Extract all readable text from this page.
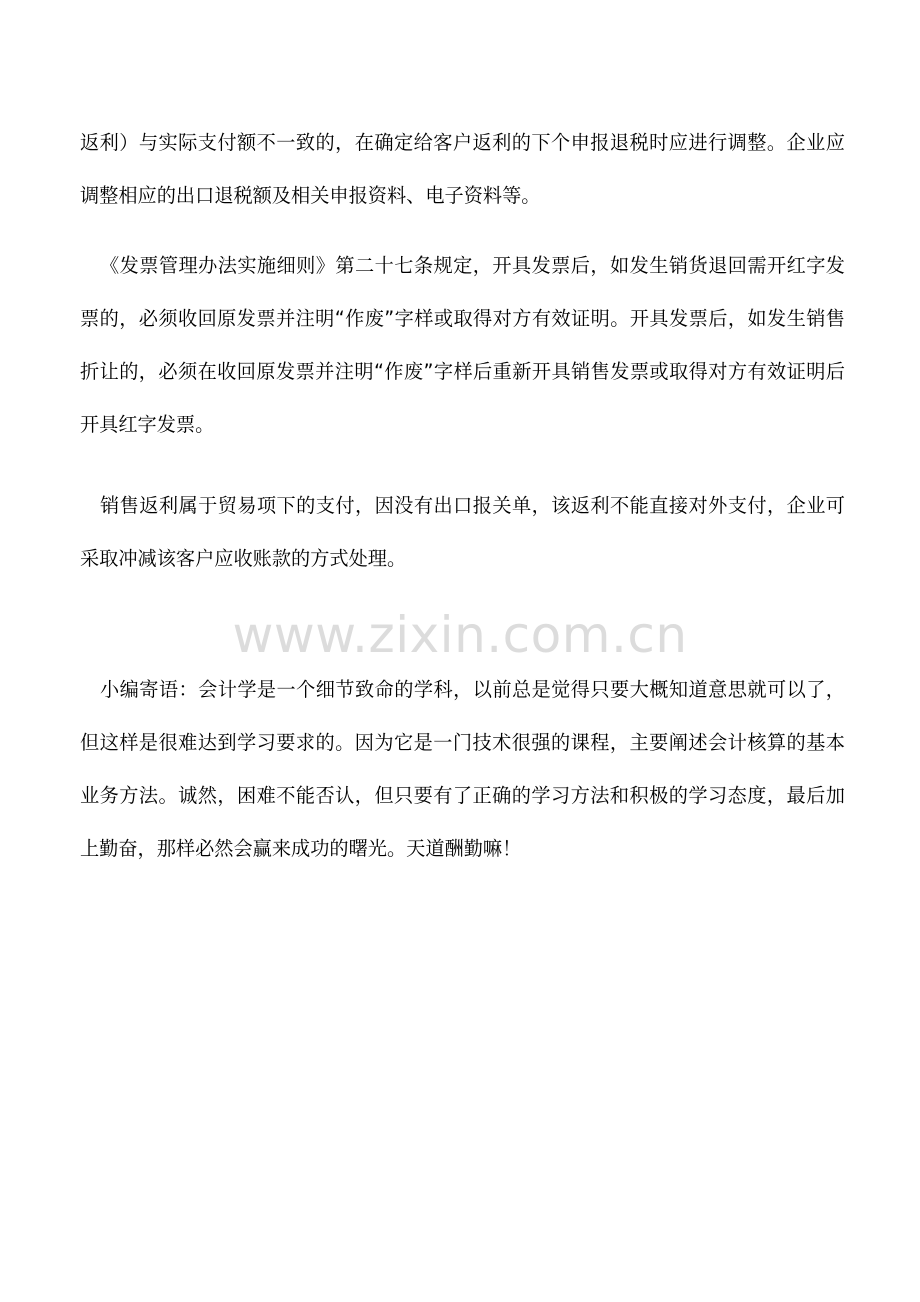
返利）与实际支付额不一致的，在确定给客户返利的下个申报退税时应进行调整。企业应调整相应的出口退税额及相关申报资料、电子资料等。

《发票管理办法实施细则》第二十七条规定，开具发票后，如发生销货退回需开红字发票的，必须收回原发票并注明“作废”字样或取得对方有效证明。开具发票后，如发生销售折让的，必须在收回原发票并注明“作废”字样后重新开具销售发票或取得对方有效证明后开具红字发票。

销售返利属于贸易项下的支付，因没有出口报关单，该返利不能直接对外支付，企业可采取冲减该客户应收账款的方式处理。

www.zixin.com.cn

小编寄语：会计学是一个细节致命的学科，以前总是觉得只要大概知道意思就可以了，但这样是很难达到学习要求的。因为它是一门技术很强的课程，主要阐述会计核算的基本业务方法。诚然，困难不能否认，但只要有了正确的学习方法和积极的学习态度，最后加上勤奋，那样必然会赢来成功的曙光。天道酬勤嘛！
